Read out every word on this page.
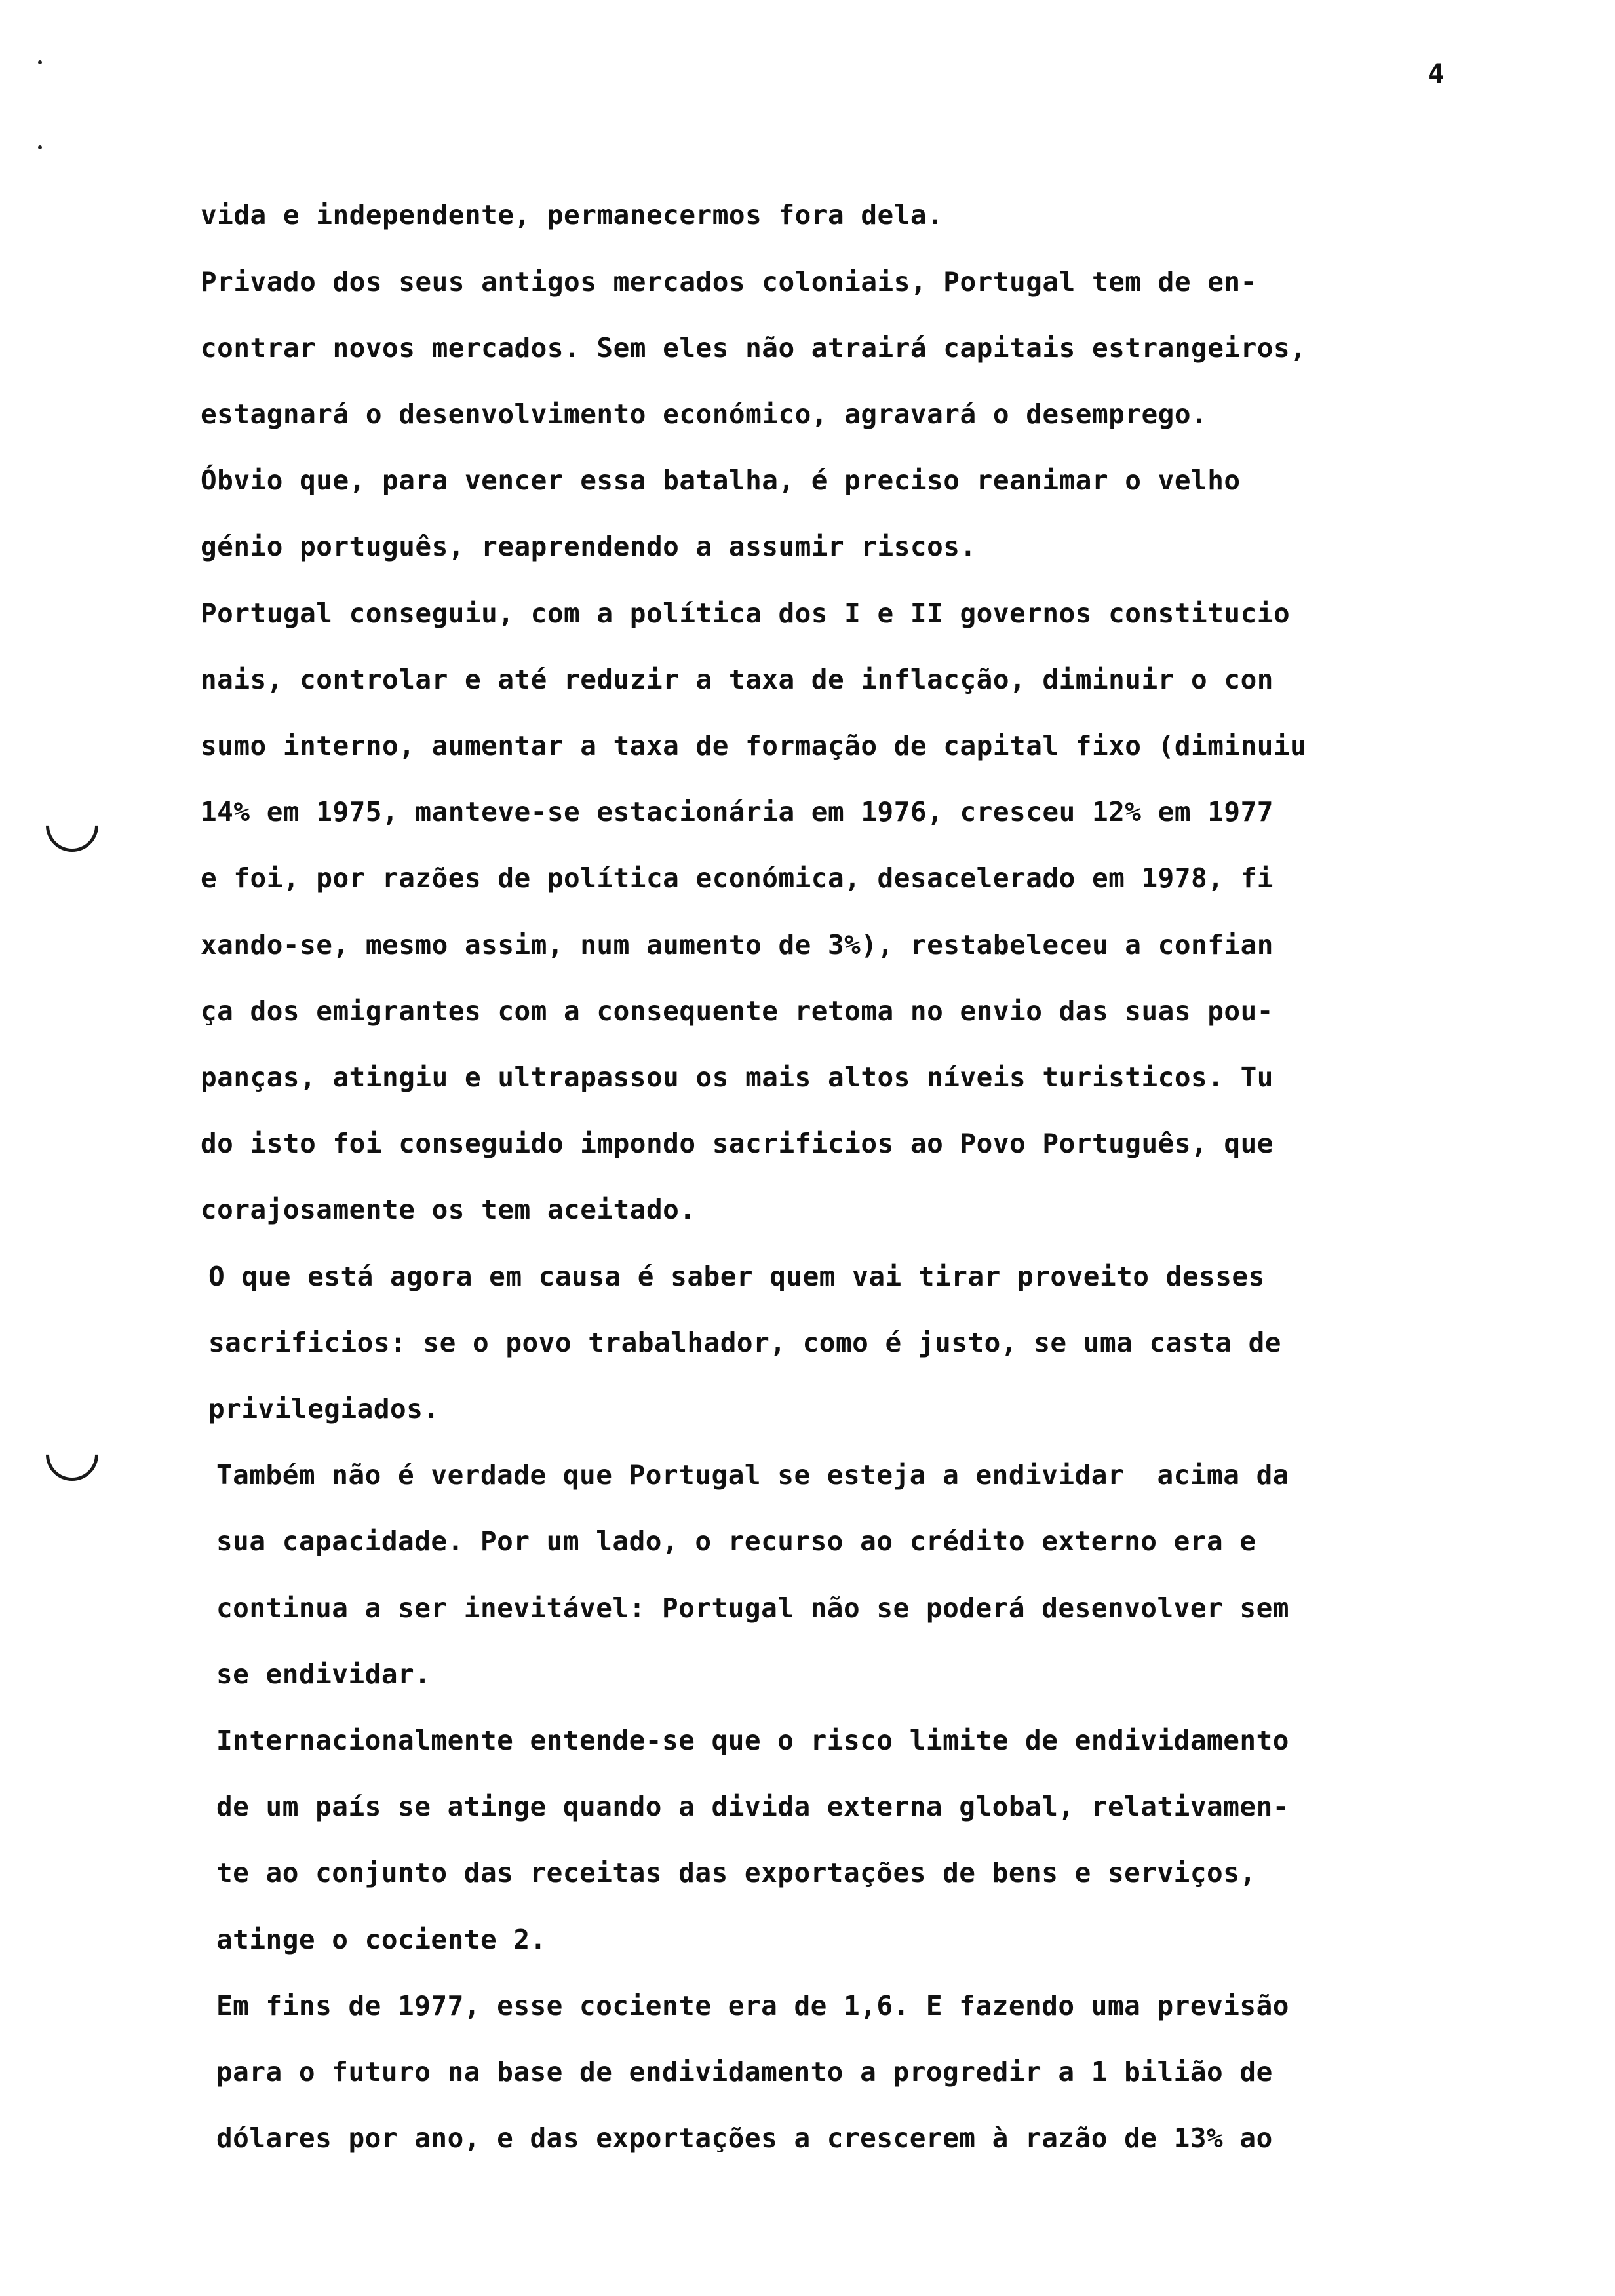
4
vida e independente, permanecermos fora dela.
Privado dos seus antigos mercados coloniais, Portugal tem de en-
contrar novos mercados. Sem eles não atrairá capitais estrangeiros,
estagnará o desenvolvimento económico, agravará o desemprego.
Óbvio que, para vencer essa batalha, é preciso reanimar o velho
génio português, reaprendendo a assumir riscos.
Portugal conseguiu, com a política dos I e II governos constitucio
nais, controlar e até reduzir a taxa de inflacção, diminuir o con
sumo interno, aumentar a taxa de formação de capital fixo (diminuiu
14% em 1975, manteve-se estacionária em 1976, cresceu 12% em 1977
e foi, por razões de política económica, desacelerado em 1978, fi
xando-se, mesmo assim, num aumento de 3%), restabeleceu a confian
ça dos emigrantes com a consequente retoma no envio das suas pou-
panças, atingiu e ultrapassou os mais altos níveis turisticos. Tu
do isto foi conseguido impondo sacrificios ao Povo Português, que
corajosamente os tem aceitado.
O que está agora em causa é saber quem vai tirar proveito desses
sacrificios: se o povo trabalhador, como é justo, se uma casta de
privilegiados.
Também não é verdade que Portugal se esteja a endividar  acima da
sua capacidade. Por um lado, o recurso ao crédito externo era e
continua a ser inevitável: Portugal não se poderá desenvolver sem
se endividar.
Internacionalmente entende-se que o risco limite de endividamento
de um país se atinge quando a divida externa global, relativamen-
te ao conjunto das receitas das exportações de bens e serviços,
atinge o cociente 2.
Em fins de 1977, esse cociente era de 1,6. E fazendo uma previsão
para o futuro na base de endividamento a progredir a 1 bilião de
dólares por ano, e das exportações a crescerem à razão de 13% ao
